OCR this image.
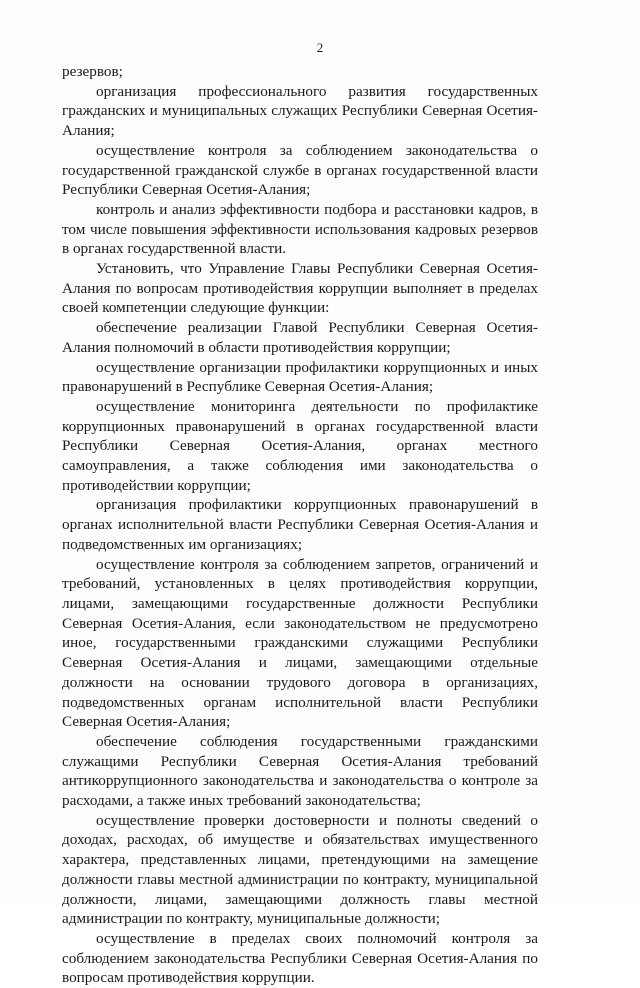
2

резервов;

организация профессионального развития государственных гражданских и муниципальных служащих Республики Северная Осетия-Алания;

осуществление контроля за соблюдением законодательства о государственной гражданской службе в органах государственной власти Республики Северная Осетия-Алания;

контроль и анализ эффективности подбора и расстановки кадров, в том числе повышения эффективности использования кадровых резервов в органах государственной власти.

Установить, что Управление Главы Республики Северная Осетия-Алания по вопросам противодействия коррупции выполняет в пределах своей компетенции следующие функции:

обеспечение реализации Главой Республики Северная Осетия-Алания полномочий в области противодействия коррупции;

осуществление организации профилактики коррупционных и иных правонарушений в Республике Северная Осетия-Алания;

осуществление мониторинга деятельности по профилактике коррупционных правонарушений в органах государственной власти Республики Северная Осетия-Алания, органах местного самоуправления, а также соблюдения ими законодательства о противодействии коррупции;

организация профилактики коррупционных правонарушений в органах исполнительной власти Республики Северная Осетия-Алания и подведомственных им организациях;

осуществление контроля за соблюдением запретов, ограничений и требований, установленных в целях противодействия коррупции, лицами, замещающими государственные должности Республики Северная Осетия-Алания, если законодательством не предусмотрено иное, государственными гражданскими служащими Республики Северная Осетия-Алания и лицами, замещающими отдельные должности на основании трудового договора в организациях, подведомственных органам исполнительной власти Республики Северная Осетия-Алания;

обеспечение соблюдения государственными гражданскими служащими Республики Северная Осетия-Алания требований антикоррупционного законодательства и законодательства о контроле за расходами, а также иных требований законодательства;

осуществление проверки достоверности и полноты сведений о доходах, расходах, об имуществе и обязательствах имущественного характера, представленных лицами, претендующими на замещение должности главы местной администрации по контракту, муниципальной должности, лицами, замещающими должность главы местной администрации по контракту, муниципальные должности;

осуществление в пределах своих полномочий контроля за соблюдением законодательства Республики Северная Осетия-Алания по вопросам противодействия коррупции.
